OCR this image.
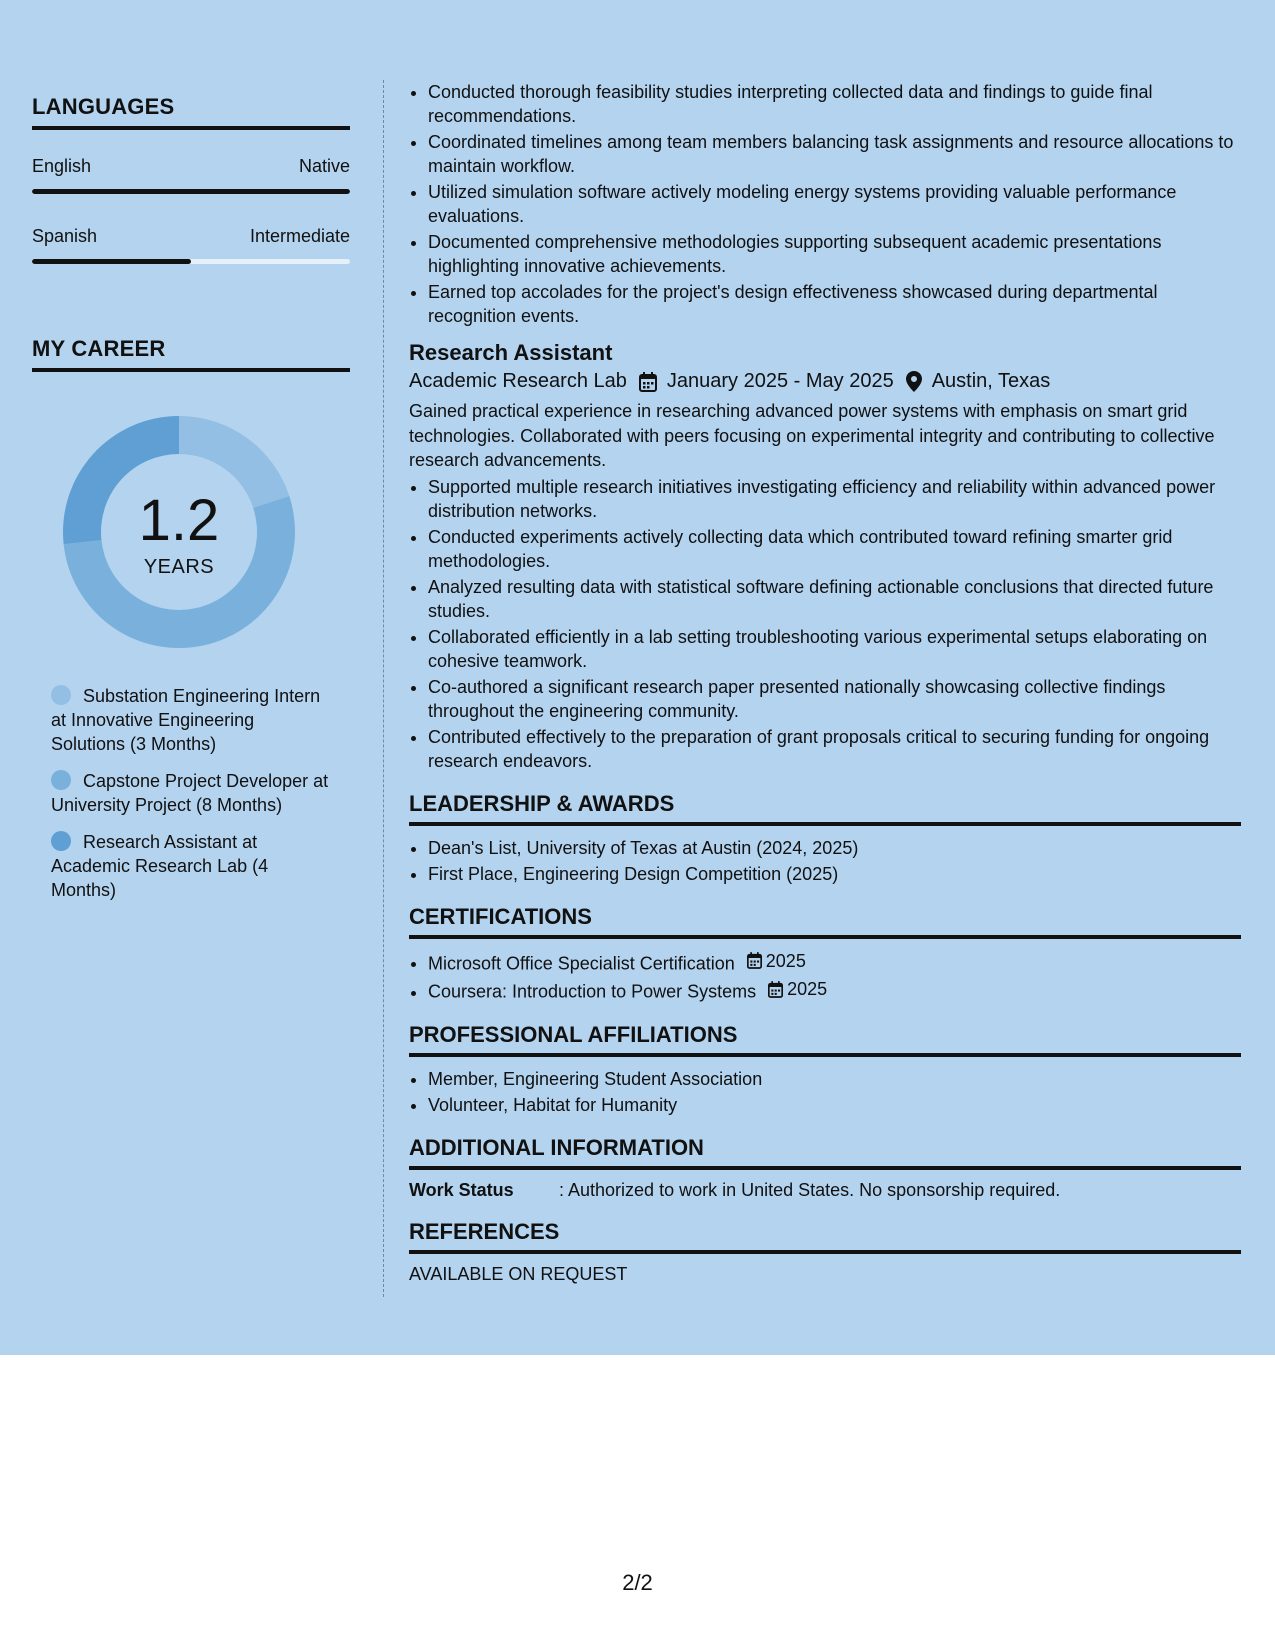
LANGUAGES
English	Native
Spanish	Intermediate
MY CAREER
1.2
YEARS
Substation Engineering Intern at Innovative Engineering Solutions (3 Months)
Capstone Project Developer at University Project (8 Months)
Research Assistant at Academic Research Lab (4 Months)
• Conducted thorough feasibility studies interpreting collected data and findings to guide final recommendations.
• Coordinated timelines among team members balancing task assignments and resource allocations to maintain workflow.
• Utilized simulation software actively modeling energy systems providing valuable performance evaluations.
• Documented comprehensive methodologies supporting subsequent academic presentations highlighting innovative achievements.
• Earned top accolades for the project's design effectiveness showcased during departmental recognition events.
Research Assistant
Academic Research Lab January 2025 - May 2025 Austin, Texas

Gained practical experience in researching advanced power systems with emphasis on smart grid technologies. Collaborated with peers focusing on experimental integrity and contributing to collective research advancements.

• Supported multiple research initiatives investigating efficiency and reliability within advanced power distribution networks.
• Conducted experiments actively collecting data which contributed toward refining smarter grid methodologies.
• Analyzed resulting data with statistical software defining actionable conclusions that directed future studies.
• Collaborated efficiently in a lab setting troubleshooting various experimental setups elaborating on cohesive teamwork.
• Co-authored a significant research paper presented nationally showcasing collective findings throughout the engineering community.
• Contributed effectively to the preparation of grant proposals critical to securing funding for ongoing research endeavors.
LEADERSHIP & AWARDS
• Dean's List, University of Texas at Austin (2024, 2025)
• First Place, Engineering Design Competition (2025)
CERTIFICATIONS
• Microsoft Office Specialist Certification 2025
• Coursera: Introduction to Power Systems 2025
PROFESSIONAL AFFILIATIONS
• Member, Engineering Student Association
• Volunteer, Habitat for Humanity
ADDITIONAL INFORMATION
Work Status	: Authorized to work in United States. No sponsorship required.
REFERENCES

AVAILABLE ON REQUEST

2/2
